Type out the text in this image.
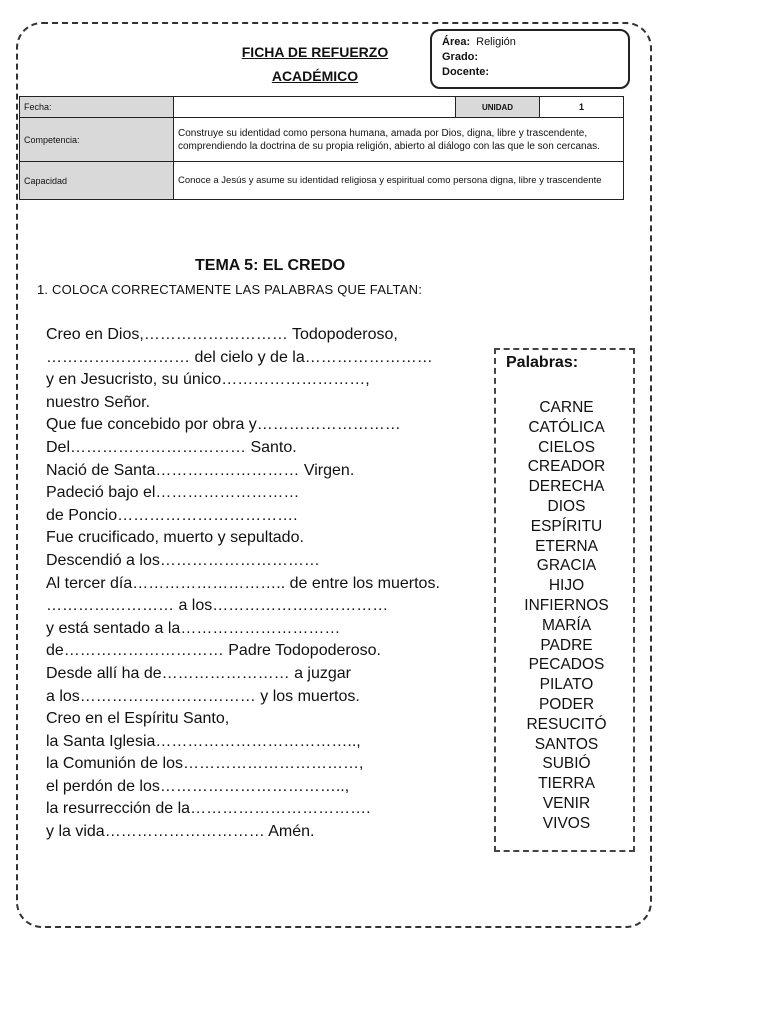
FICHA DE REFUERZO
ACADÉMICO
Área: Religión
Grado:
Docente:
Fecha:		UNIDAD	1
Competencia:	Construye su identidad como persona humana, amada por Dios, digna, libre y trascendente, comprendiendo la doctrina de su propia religión, abierto al diálogo con las que le son cercanas.		
Capacidad	Conoce a Jesús y asume su identidad religiosa y espiritual como persona digna, libre y trascendente		
TEMA 5: EL CREDO
1. COLOCA CORRECTAMENTE LAS PALABRAS QUE FALTAN:
Creo en Dios,……………………… Todopoderoso,
……………………… del cielo y de la……………………
y en Jesucristo, su único………………………,
nuestro Señor.
Que fue concebido por obra y………………………
Del…………………………… Santo.
Nació de Santa……………………… Virgen.
Padeció bajo el………………………
de Poncio…………………………….
Fue crucificado, muerto y sepultado.
Descendió a los…………………………
Al tercer día……………………….. de entre los muertos.
…………………… a los……………………………
y está sentado a la…………………………
de………………………… Padre Todopoderoso.
Desde allí ha de…………………… a juzgar
a los…………………………… y los muertos.
Creo en el Espíritu Santo,
la Santa Iglesia………………………………..,
la Comunión de los……………………………,
el perdón de los……………………………..,
la resurrección de la…………………………….
y la vida………………………… Amén.
Palabras:
CARNE
CATÓLICA
CIELOS
CREADOR
DERECHA
DIOS
ESPÍRITU
ETERNA
GRACIA
HIJO
INFIERNOS
MARÍA
PADRE
PECADOS
PILATO
PODER
RESUCITÓ
SANTOS
SUBIÓ
TIERRA
VENIR
VIVOS
